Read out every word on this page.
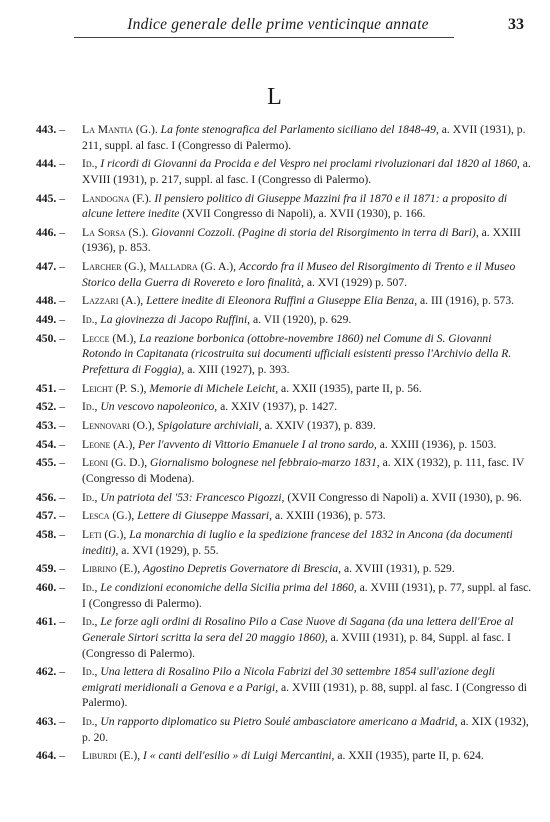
Indice generale delle prime venticinque annate	33
L
443. –	La Mantia (G.). La fonte stenografica del Parlamento siciliano del 1848-49, a. XVII (1931), p. 211, suppl. al fasc. I (Congresso di Palermo).
444. –	Id., I ricordi di Giovanni da Procida e del Vespro nei proclami rivoluzionari dal 1820 al 1860, a. XVIII (1931), p. 217, suppl. al fasc. I (Congresso di Palermo).
445. –	Landogna (F.). Il pensiero politico di Giuseppe Mazzini fra il 1870 e il 1871: a proposito di alcune lettere inedite (XVII Congresso di Napoli), a. XVII (1930), p. 166.
446. –	La Sorsa (S.). Giovanni Cozzoli. (Pagine di storia del Risorgimento in terra di Bari), a. XXIII (1936), p. 853.
447. –	Larcher (G.), Malladra (G. A.), Accordo fra il Museo del Risorgimento di Trento e il Museo Storico della Guerra di Rovereto e loro finalità, a. XVI (1929) p. 507.
448. –	Lazzari (A.), Lettere inedite di Eleonora Ruffini a Giuseppe Elia Benza, a. III (1916), p. 573.
449. –	Id., La giovinezza di Jacopo Ruffini, a. VII (1920), p. 629.
450. –	Lecce (M.), La reazione borbonica (ottobre-novembre 1860) nel Comune di S. Giovanni Rotondo in Capitanata (ricostruita sui documenti ufficiali esistenti presso l'Archivio della R. Prefettura di Foggia), a. XIII (1927), p. 393.
451. –	Leicht (P. S.), Memorie di Michele Leicht, a. XXII (1935), parte II, p. 56.
452. –	Id., Un vescovo napoleonico, a. XXIV (1937), p. 1427.
453. –	Lennovari (O.), Spigolature archiviali, a. XXIV (1937), p. 839.
454. –	Leone (A.), Per l'avvento di Vittorio Emanuele I al trono sardo, a. XXIII (1936), p. 1503.
455. –	Leoni (G. D.), Giornalismo bolognese nel febbraio-marzo 1831, a. XIX (1932), p. 111, fasc. IV (Congresso di Modena).
456. –	Id., Un patriota del '53: Francesco Pigozzi, (XVII Congresso di Napoli) a. XVII (1930), p. 96.
457. –	Lesca (G.), Lettere di Giuseppe Massari, a. XXIII (1936), p. 573.
458. –	Leti (G.), La monarchia di luglio e la spedizione francese del 1832 in Ancona (da documenti inediti), a. XVI (1929), p. 55.
459. –	Librino (E.), Agostino Depretis Governatore di Brescia, a. XVIII (1931), p. 529.
460. –	Id., Le condizioni economiche della Sicilia prima del 1860, a. XVIII (1931), p. 77, suppl. al fasc. I (Congresso di Palermo).
461. –	Id., Le forze agli ordini di Rosalino Pilo a Case Nuove di Sagana (da una lettera dell'Eroe al Generale Sirtori scritta la sera del 20 maggio 1860), a. XVIII (1931), p. 84, Suppl. al fasc. I (Congresso di Palermo).
462. –	Id., Una lettera di Rosalino Pilo a Nicola Fabrizi del 30 settembre 1854 sull'azione degli emigrati meridionali a Genova e a Parigi, a. XVIII (1931), p. 88, suppl. al fasc. I (Congresso di Palermo).
463. –	Id., Un rapporto diplomatico su Pietro Soulé ambasciatore americano a Madrid, a. XIX (1932), p. 20.
464. –	Liburdi (E.), I « canti dell'esilio » di Luigi Mercantini, a. XXII (1935), parte II, p. 624.
